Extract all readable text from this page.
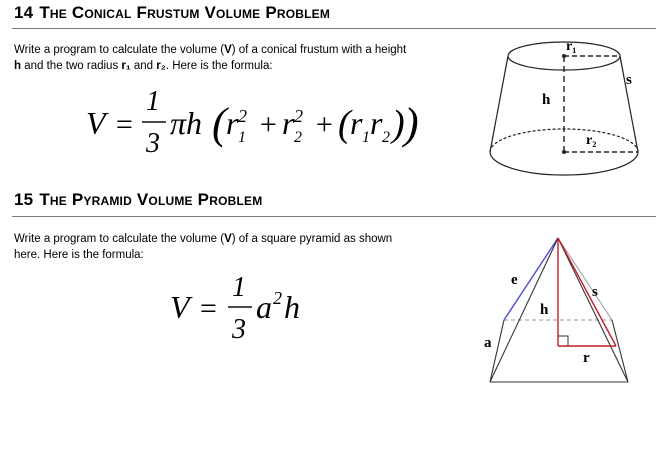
14 The Conical Frustum Volume Problem

Write a program to calculate the volume (V) of a conical frustum with a height
h and the two radius r₁ and r₂. Here is the formula:

V =
1
3
πh ( r 1
2 + r 2
2 + ( r 1 r 2 ) )
r₁
h
s
r₂
15 The Pyramid Volume Problem

Write a program to calculate the volume (V) of a square pyramid as shown
here. Here is the formula:

V =
1
3
a 2 h
e
s
h
a
r
